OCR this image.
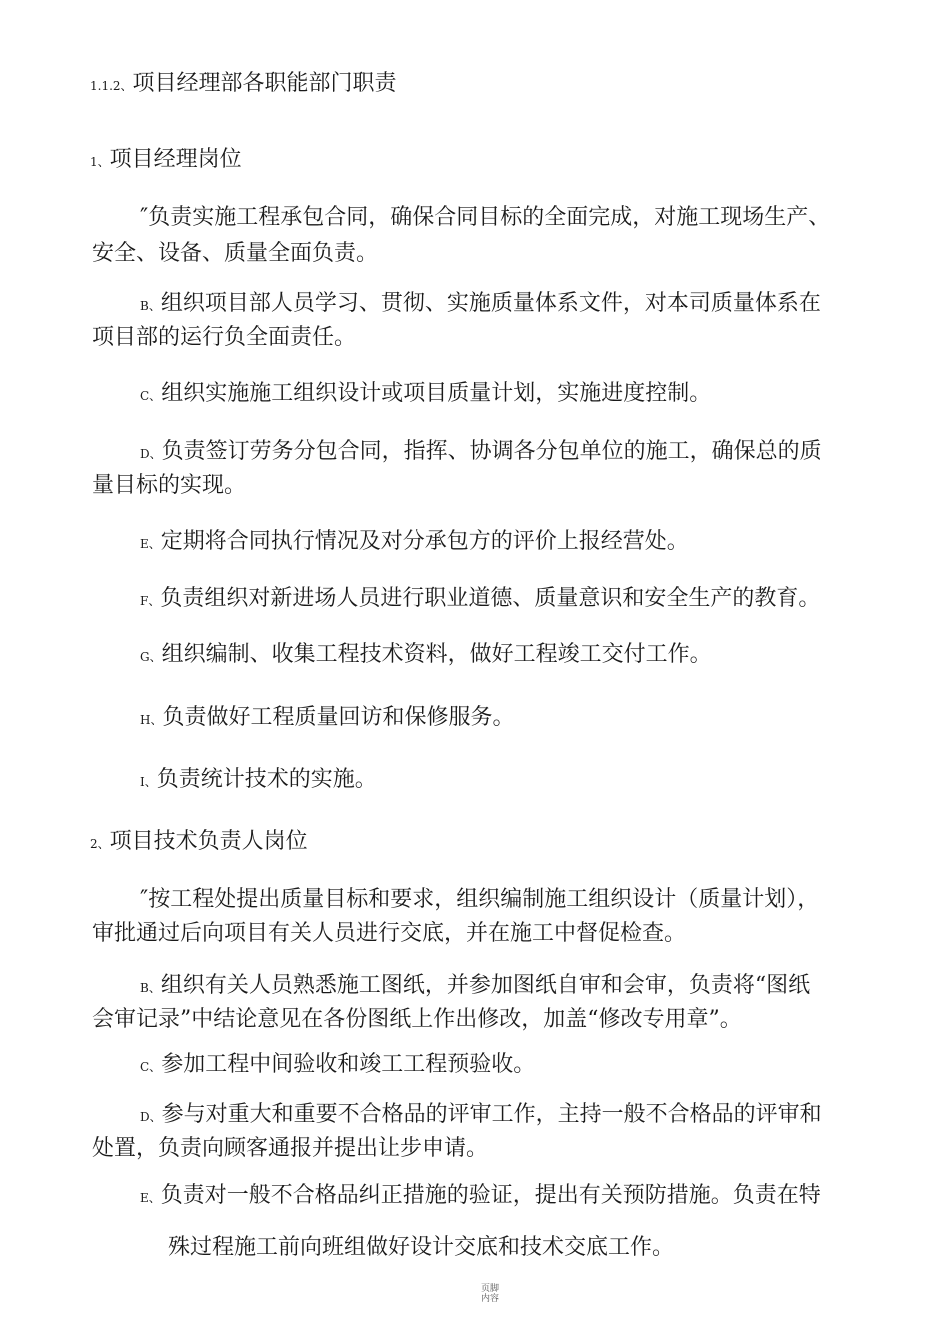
1.1.2、项目经理部各职能部门职责
1、项目经理岗位
″负责实施工程承包合同，确保合同目标的全面完成，对施工现场生产、
安全、设备、质量全面负责。
B、组织项目部人员学习、贯彻、实施质量体系文件，对本司质量体系在
项目部的运行负全面责任。
C、组织实施施工组织设计或项目质量计划，实施进度控制。
D、负责签订劳务分包合同，指挥、协调各分包单位的施工，确保总的质
量目标的实现。
E、定期将合同执行情况及对分承包方的评价上报经营处。
F、负责组织对新进场人员进行职业道德、质量意识和安全生产的教育。
G、组织编制、收集工程技术资料，做好工程竣工交付工作。
H、负责做好工程质量回访和保修服务。
I、负责统计技术的实施。
2、项目技术负责人岗位
″按工程处提出质量目标和要求，组织编制施工组织设计（质量计划），
审批通过后向项目有关人员进行交底，并在施工中督促检查。
B、组织有关人员熟悉施工图纸，并参加图纸自审和会审，负责将“图纸
会审记录”中结论意见在各份图纸上作出修改，加盖“修改专用章”。
C、参加工程中间验收和竣工工程预验收。
D、参与对重大和重要不合格品的评审工作，主持一般不合格品的评审和
处置，负责向顾客通报并提出让步申请。
E、负责对一般不合格品纠正措施的验证，提出有关预防措施。负责在特
殊过程施工前向班组做好设计交底和技术交底工作。
页脚
内容
